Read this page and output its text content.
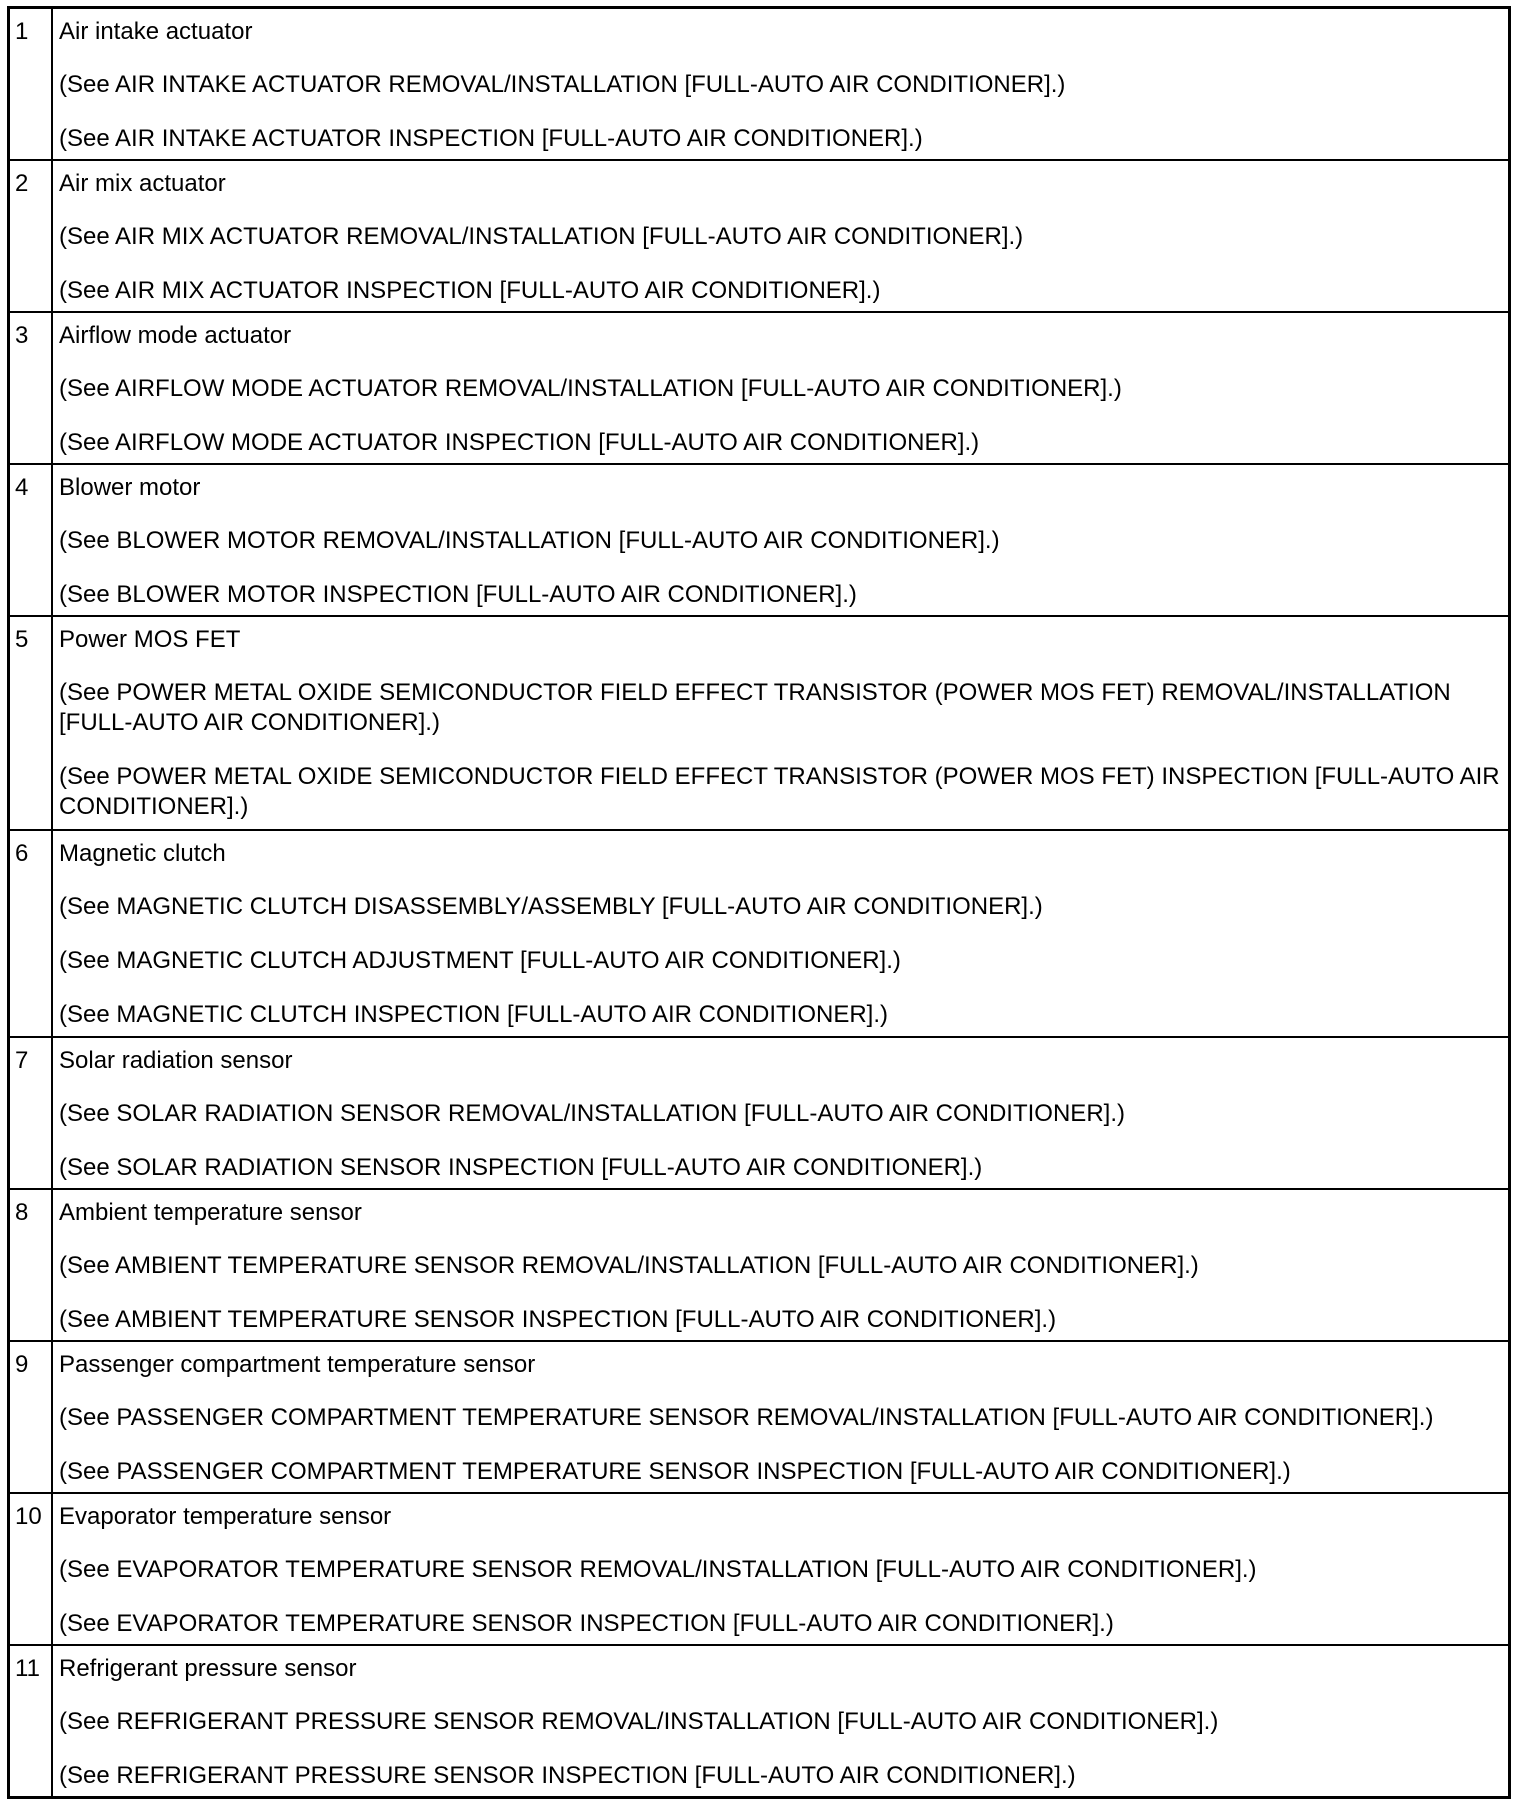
1	Air intake actuator

(See AIR INTAKE ACTUATOR REMOVAL/INSTALLATION [FULL-AUTO AIR CONDITIONER].)

(See AIR INTAKE ACTUATOR INSPECTION [FULL-AUTO AIR CONDITIONER].)

2	Air mix actuator

(See AIR MIX ACTUATOR REMOVAL/INSTALLATION [FULL-AUTO AIR CONDITIONER].)

(See AIR MIX ACTUATOR INSPECTION [FULL-AUTO AIR CONDITIONER].)

3	Airflow mode actuator

(See AIRFLOW MODE ACTUATOR REMOVAL/INSTALLATION [FULL-AUTO AIR CONDITIONER].)

(See AIRFLOW MODE ACTUATOR INSPECTION [FULL-AUTO AIR CONDITIONER].)

4	Blower motor

(See BLOWER MOTOR REMOVAL/INSTALLATION [FULL-AUTO AIR CONDITIONER].)

(See BLOWER MOTOR INSPECTION [FULL-AUTO AIR CONDITIONER].)

5	Power MOS FET

(See POWER METAL OXIDE SEMICONDUCTOR FIELD EFFECT TRANSISTOR (POWER MOS FET) REMOVAL/INSTALLATION [FULL-AUTO AIR CONDITIONER].)

(See POWER METAL OXIDE SEMICONDUCTOR FIELD EFFECT TRANSISTOR (POWER MOS FET) INSPECTION [FULL-AUTO AIR CONDITIONER].)

6	Magnetic clutch

(See MAGNETIC CLUTCH DISASSEMBLY/ASSEMBLY [FULL-AUTO AIR CONDITIONER].)

(See MAGNETIC CLUTCH ADJUSTMENT [FULL-AUTO AIR CONDITIONER].)

(See MAGNETIC CLUTCH INSPECTION [FULL-AUTO AIR CONDITIONER].)

7	Solar radiation sensor

(See SOLAR RADIATION SENSOR REMOVAL/INSTALLATION [FULL-AUTO AIR CONDITIONER].)

(See SOLAR RADIATION SENSOR INSPECTION [FULL-AUTO AIR CONDITIONER].)

8	Ambient temperature sensor

(See AMBIENT TEMPERATURE SENSOR REMOVAL/INSTALLATION [FULL-AUTO AIR CONDITIONER].)

(See AMBIENT TEMPERATURE SENSOR INSPECTION [FULL-AUTO AIR CONDITIONER].)

9	Passenger compartment temperature sensor

(See PASSENGER COMPARTMENT TEMPERATURE SENSOR REMOVAL/INSTALLATION [FULL-AUTO AIR CONDITIONER].)

(See PASSENGER COMPARTMENT TEMPERATURE SENSOR INSPECTION [FULL-AUTO AIR CONDITIONER].)

10	Evaporator temperature sensor

(See EVAPORATOR TEMPERATURE SENSOR REMOVAL/INSTALLATION [FULL-AUTO AIR CONDITIONER].)

(See EVAPORATOR TEMPERATURE SENSOR INSPECTION [FULL-AUTO AIR CONDITIONER].)

11	Refrigerant pressure sensor

(See REFRIGERANT PRESSURE SENSOR REMOVAL/INSTALLATION [FULL-AUTO AIR CONDITIONER].)

(See REFRIGERANT PRESSURE SENSOR INSPECTION [FULL-AUTO AIR CONDITIONER].)
